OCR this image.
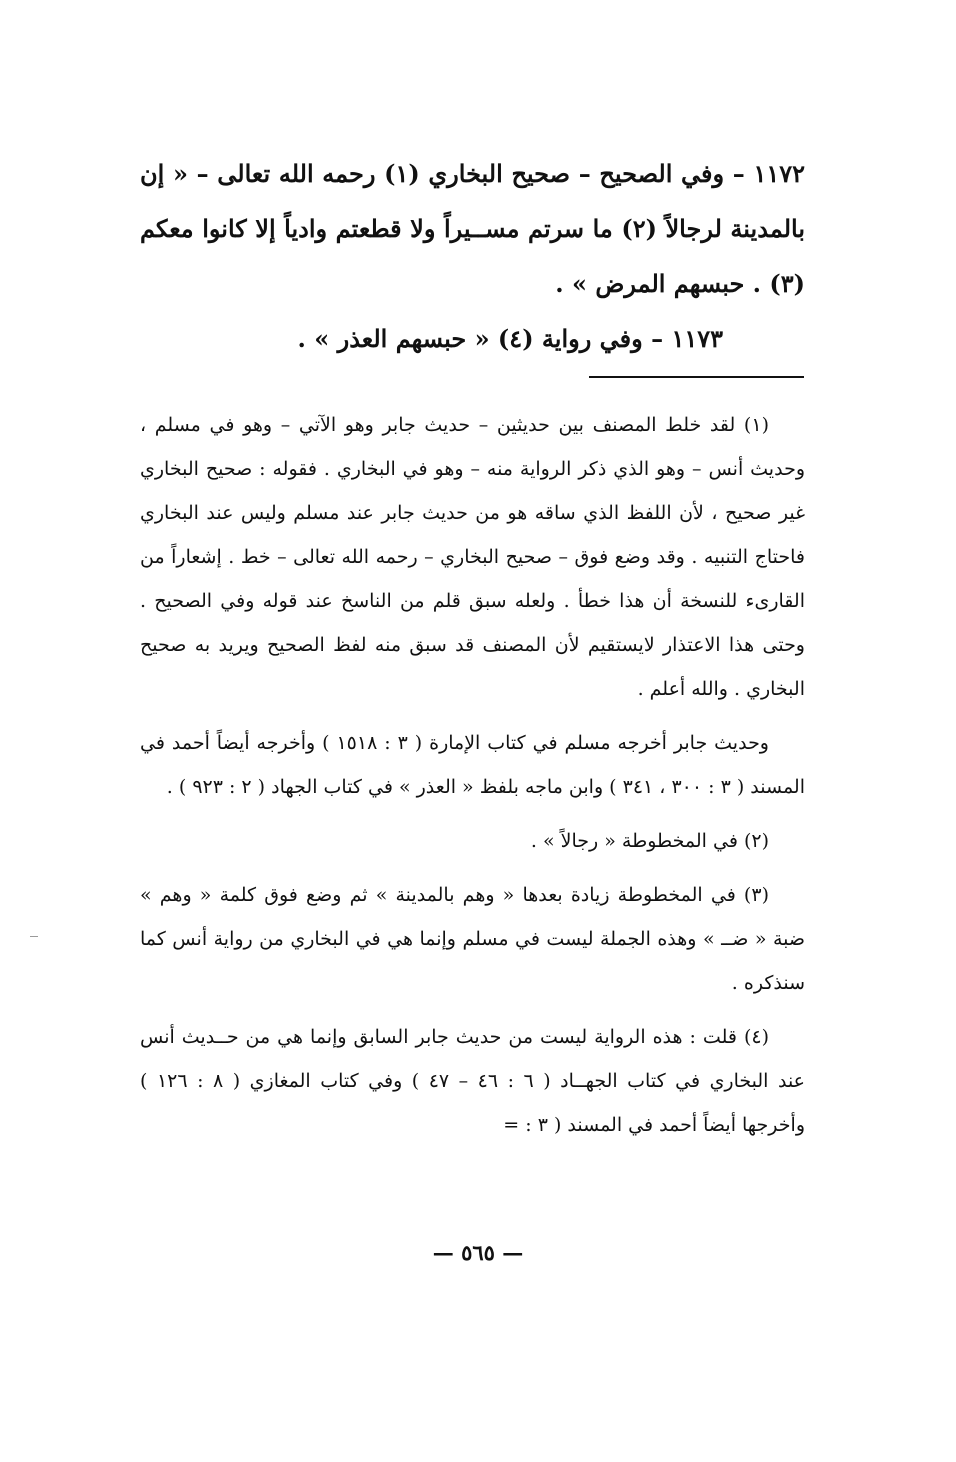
١١٧٢ – وفي الصحيح – صحيح البخاري (١) رحمه الله تعالى – « إن بالمدينة لرجالاً (٢) ما سرتم مســيراً ولا قطعتم وادياً إلا كانوا معكم (٣) . حبسهم المرض » .

١١٧٣ – وفي رواية (٤) « حبسهم العذر » .

(١) لقد خلط المصنف بين حديثين – حديث جابر وهو الآتي – وهو في مسلم ، وحديث أنس – وهو الذي ذكر الرواية منه – وهو في البخاري . فقوله : صحيح البخاري غير صحيح ، لأن اللفظ الذي ساقه هو من حديث جابر عند مسلم وليس عند البخاري فاحتاج التنبيه . وقد وضع فوق – صحيح البخاري – رحمه الله تعالى – خط . إشعاراً من القارىء للنسخة أن هذا خطأ . ولعله سبق قلم من الناسخ عند قوله وفي الصحيح . وحتى هذا الاعتذار لايستقيم لأن المصنف قد سبق منه لفظ الصحيح ويريد به صحيح البخاري . والله أعلم .

وحديث جابر أخرجه مسلم في كتاب الإمارة ( ٣ : ١٥١٨ ) وأخرجه أيضاً أحمد في المسند ( ٣ : ٣٠٠ ، ٣٤١ ) وابن ماجه بلفظ « العذر » في كتاب الجهاد ( ٢ : ٩٢٣ ) .

(٢) في المخطوطة « رجالاً » .

(٣) في المخطوطة زيادة بعدها « وهم بالمدينة » ثم وضع فوق كلمة « وهم » ضبة « ضــ » وهذه الجملة ليست في مسلم وإنما هي في البخاري من رواية أنس كما سنذكره .

(٤) قلت : هذه الرواية ليست من حديث جابر السابق وإنما هي من حــديث أنس عند البخاري في كتاب الجهــاد ( ٦ : ٤٦ – ٤٧ ) وفي كتاب المغازي ( ٨ : ١٢٦ ) وأخرجها أيضاً أحمد في المسند ( ٣ : =

— ٥٦٥ —
